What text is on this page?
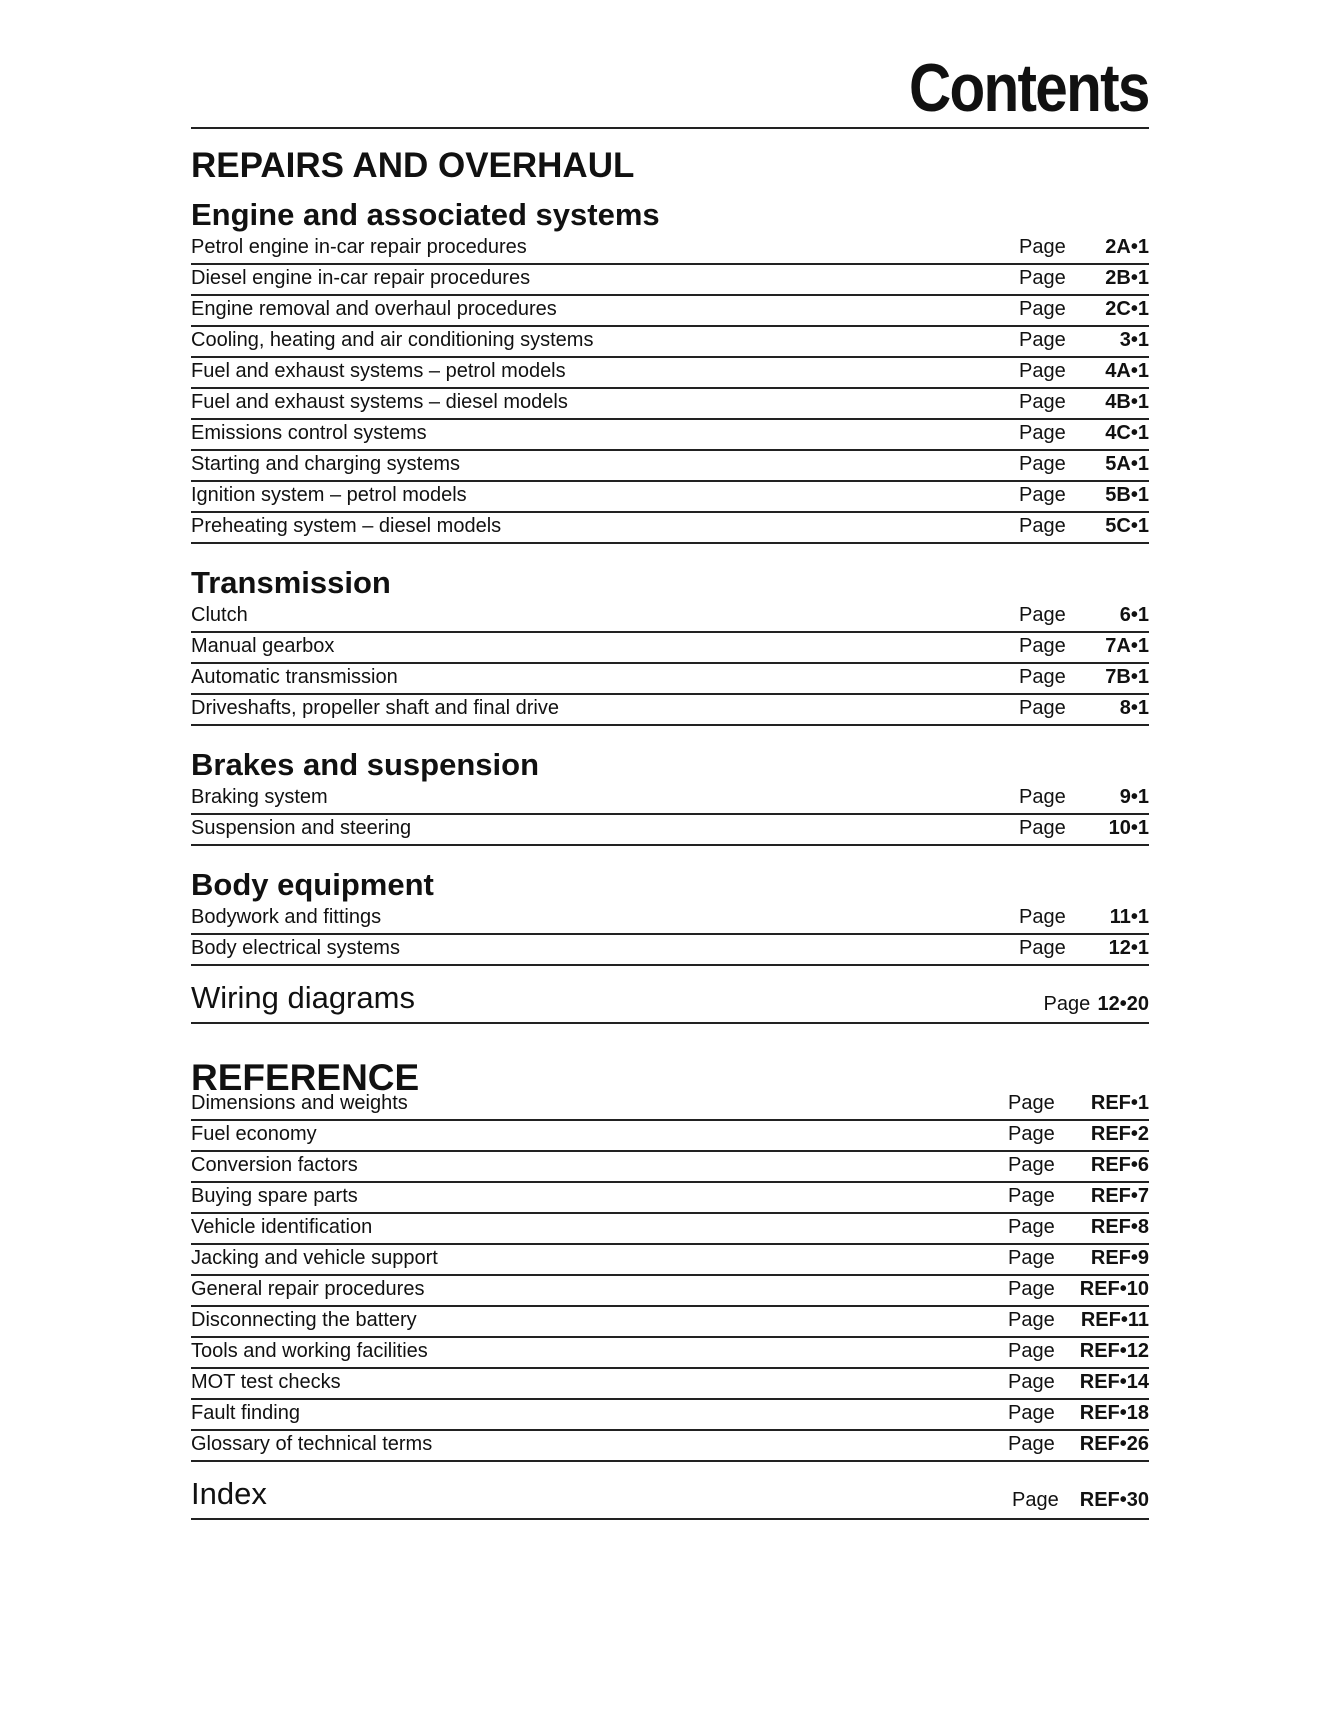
Contents
REPAIRS AND OVERHAUL
Engine and associated systems
Petrol engine in-car repair procedures	Page	2A•1
Diesel engine in-car repair procedures	Page	2B•1
Engine removal and overhaul procedures	Page	2C•1
Cooling, heating and air conditioning systems	Page	3•1
Fuel and exhaust systems – petrol models	Page	4A•1
Fuel and exhaust systems – diesel models	Page	4B•1
Emissions control systems	Page	4C•1
Starting and charging systems	Page	5A•1
Ignition system – petrol models	Page	5B•1
Preheating system – diesel models	Page	5C•1
Transmission
Clutch	Page	6•1
Manual gearbox	Page	7A•1
Automatic transmission	Page	7B•1
Driveshafts, propeller shaft and final drive	Page	8•1
Brakes and suspension
Braking system	Page	9•1
Suspension and steering	Page	10•1
Body equipment
Bodywork and fittings	Page	11•1
Body electrical systems	Page	12•1
Wiring diagrams	Page 12•20
REFERENCE
Dimensions and weights	Page	REF•1
Fuel economy	Page	REF•2
Conversion factors	Page	REF•6
Buying spare parts	Page	REF•7
Vehicle identification	Page	REF•8
Jacking and vehicle support	Page	REF•9
General repair procedures	Page	REF•10
Disconnecting the battery	Page	REF•11
Tools and working facilities	Page	REF•12
MOT test checks	Page	REF•14
Fault finding	Page	REF•18
Glossary of technical terms	Page	REF•26
Index	Page	REF•30
